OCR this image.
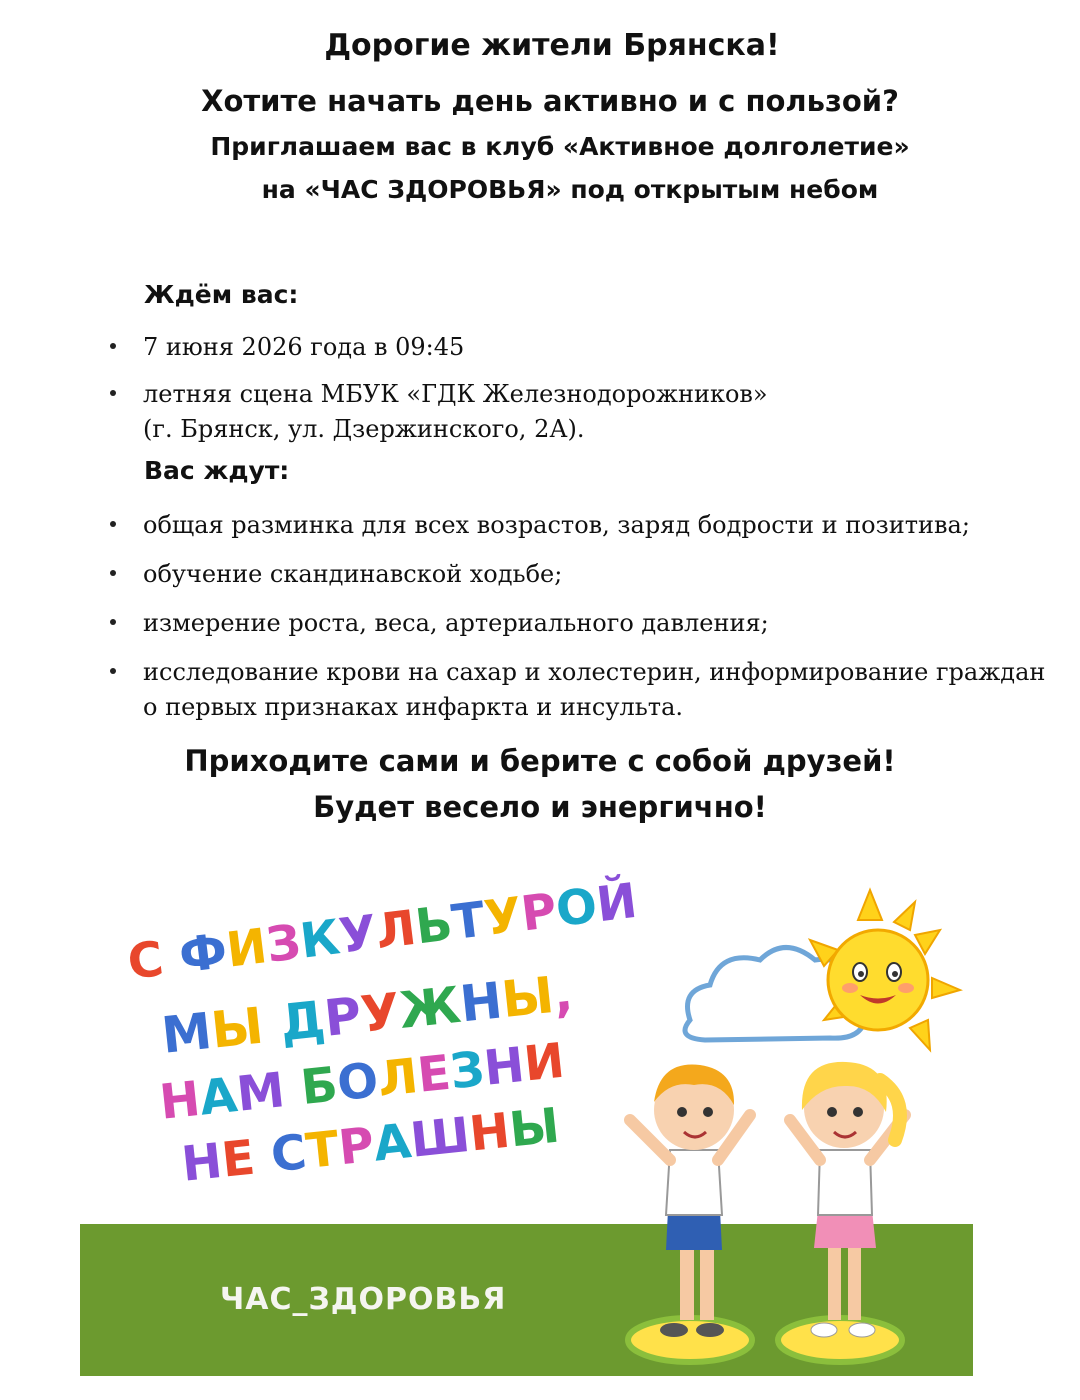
Дорогие жители Брянска!
Хотите начать день активно и с пользой?
Приглашаем вас в клуб «Активное долголетие»
на «ЧАС ЗДОРОВЬЯ» под открытым небом
Ждём вас:
7 июня 2026 года в 09:45
летняя сцена МБУК «ГДК Железнодорожников»
(г. Брянск, ул. Дзержинского, 2А).
Вас ждут:
общая разминка для всех возрастов, заряд бодрости и позитива;
обучение скандинавской ходьбе;
измерение роста, веса, артериального давления;
исследование крови на сахар и холестерин, информирование граждан
о первых признаках инфаркта и инсульта.
Приходите сами и берите с собой друзей!
Будет весело и энергично!
С ФИЗКУЛЬТУРОЙ
МЫ ДРУЖНЫ,
НАМ БОЛЕЗНИ
НЕ СТРАШНЫ
ЧАС_ЗДОРОВЬЯ
